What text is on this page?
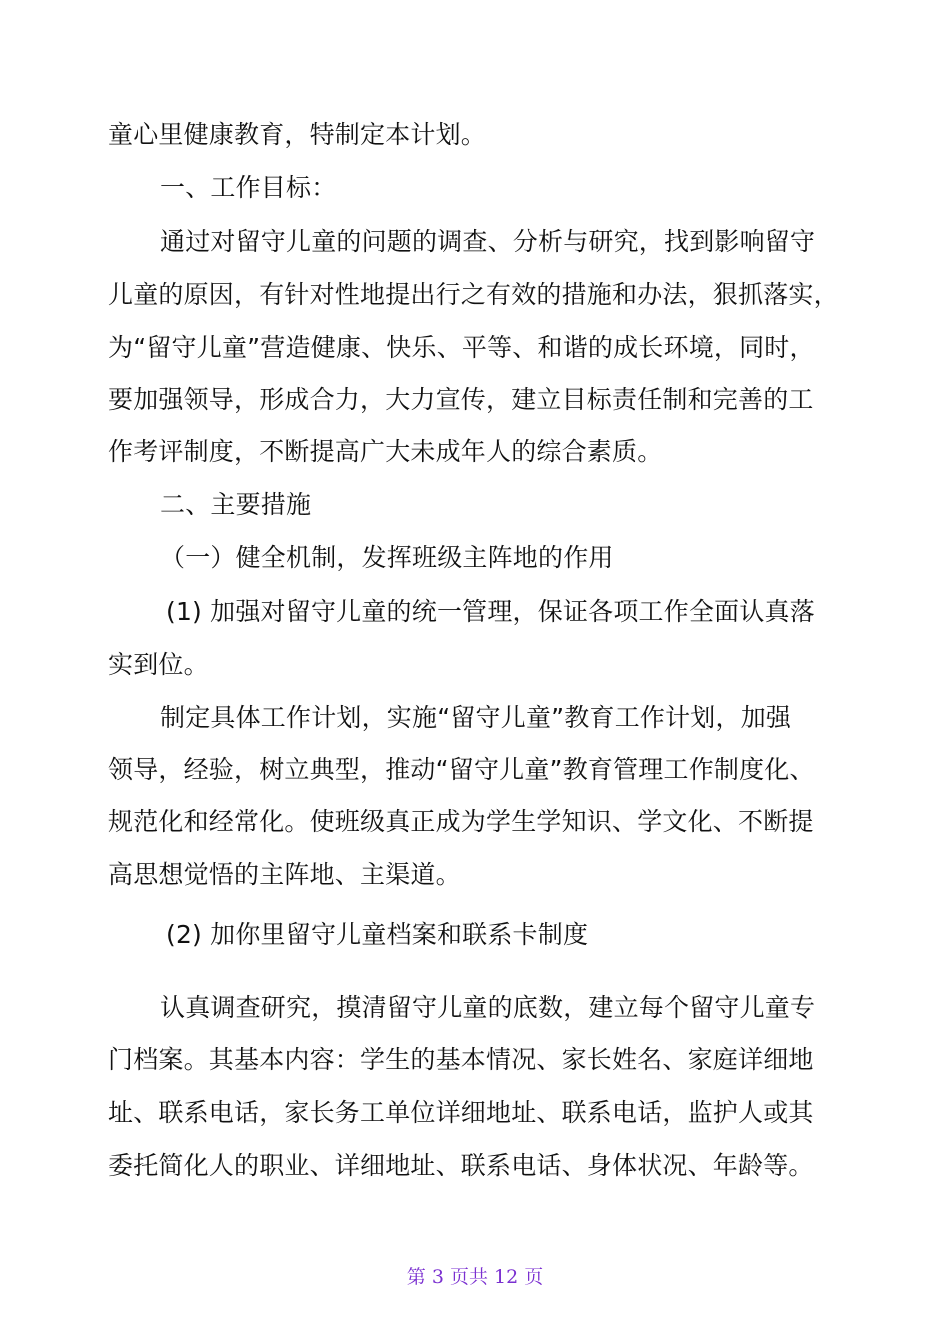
童心里健康教育，特制定本计划。
一、工作目标：
通过对留守儿童的问题的调查、分析与研究，找到影响留守
儿童的原因，有针对性地提出行之有效的措施和办法，狠抓落实，
为“留守儿童”营造健康、快乐、平等、和谐的成长环境，同时，
要加强领导，形成合力，大力宣传，建立目标责任制和完善的工
作考评制度，不断提高广大未成年人的综合素质。
二、主要措施
（一）健全机制，发挥班级主阵地的作用
(1) 加强对留守儿童的统一管理，保证各项工作全面认真落
实到位。
制定具体工作计划，实施“留守儿童”教育工作计划，加强
领导，经验，树立典型，推动“留守儿童”教育管理工作制度化、
规范化和经常化。使班级真正成为学生学知识、学文化、不断提
高思想觉悟的主阵地、主渠道。
(2) 加你里留守儿童档案和联系卡制度
认真调查研究，摸清留守儿童的底数，建立每个留守儿童专
门档案。其基本内容：学生的基本情况、家长姓名、家庭详细地
址、联系电话，家长务工单位详细地址、联系电话，监护人或其
委托简化人的职业、详细地址、联系电话、身体状况、年龄等。
第 3 页共 12 页
